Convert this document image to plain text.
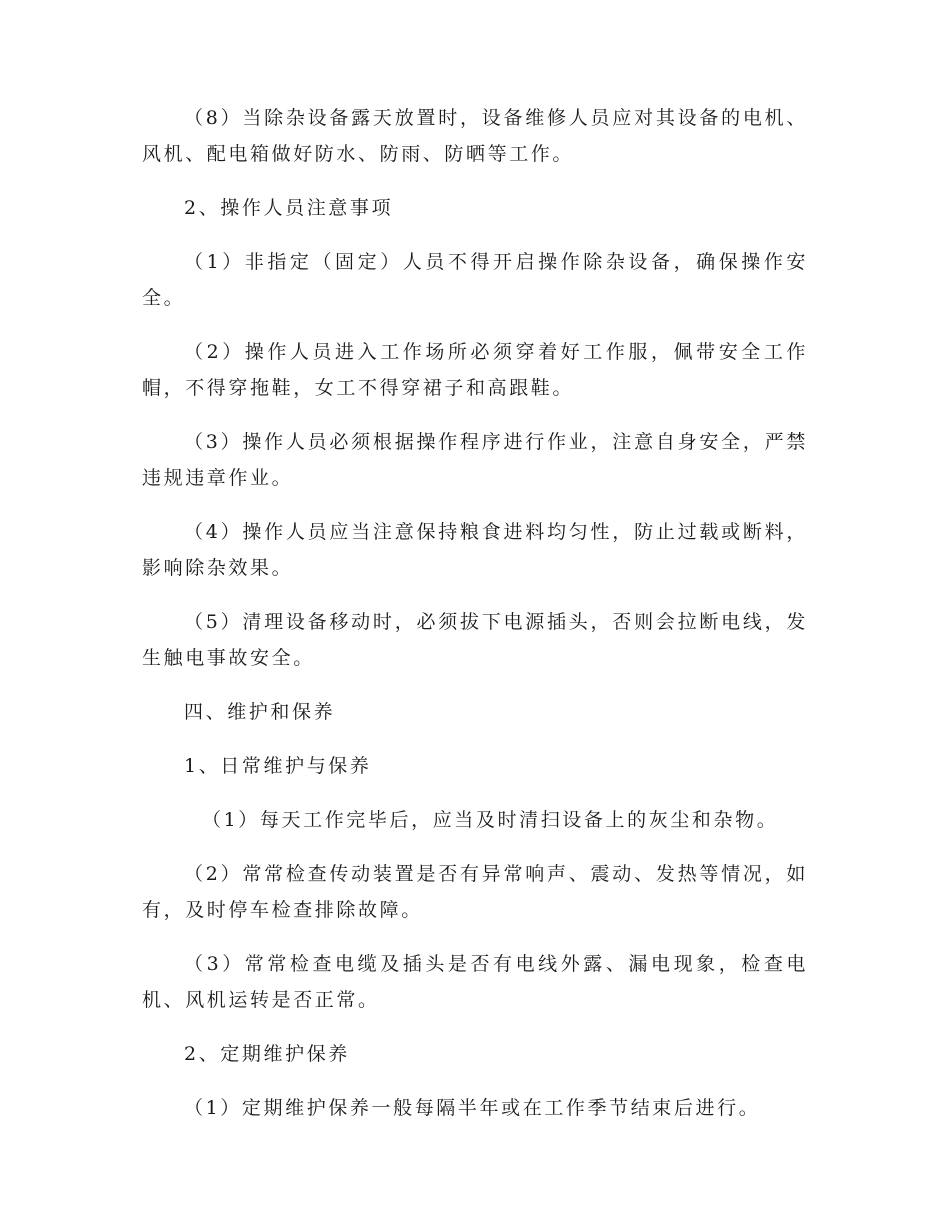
（8）当除杂设备露天放置时，设备维修人员应对其设备的电机、风机、配电箱做好防水、防雨、防晒等工作。

2、操作人员注意事项

（1）非指定（固定）人员不得开启操作除杂设备，确保操作安全。

（2）操作人员进入工作场所必须穿着好工作服，佩带安全工作帽，不得穿拖鞋，女工不得穿裙子和高跟鞋。

（3）操作人员必须根据操作程序进行作业，注意自身安全，严禁违规违章作业。

（4）操作人员应当注意保持粮食进料均匀性，防止过载或断料，影响除杂效果。

（5）清理设备移动时，必须拔下电源插头，否则会拉断电线，发生触电事故安全。

四、维护和保养

1、日常维护与保养

（1）每天工作完毕后，应当及时清扫设备上的灰尘和杂物。

（2）常常检查传动装置是否有异常响声、震动、发热等情况，如有，及时停车检查排除故障。

（3）常常检查电缆及插头是否有电线外露、漏电现象，检查电机、风机运转是否正常。

2、定期维护保养

（1）定期维护保养一般每隔半年或在工作季节结束后进行。
